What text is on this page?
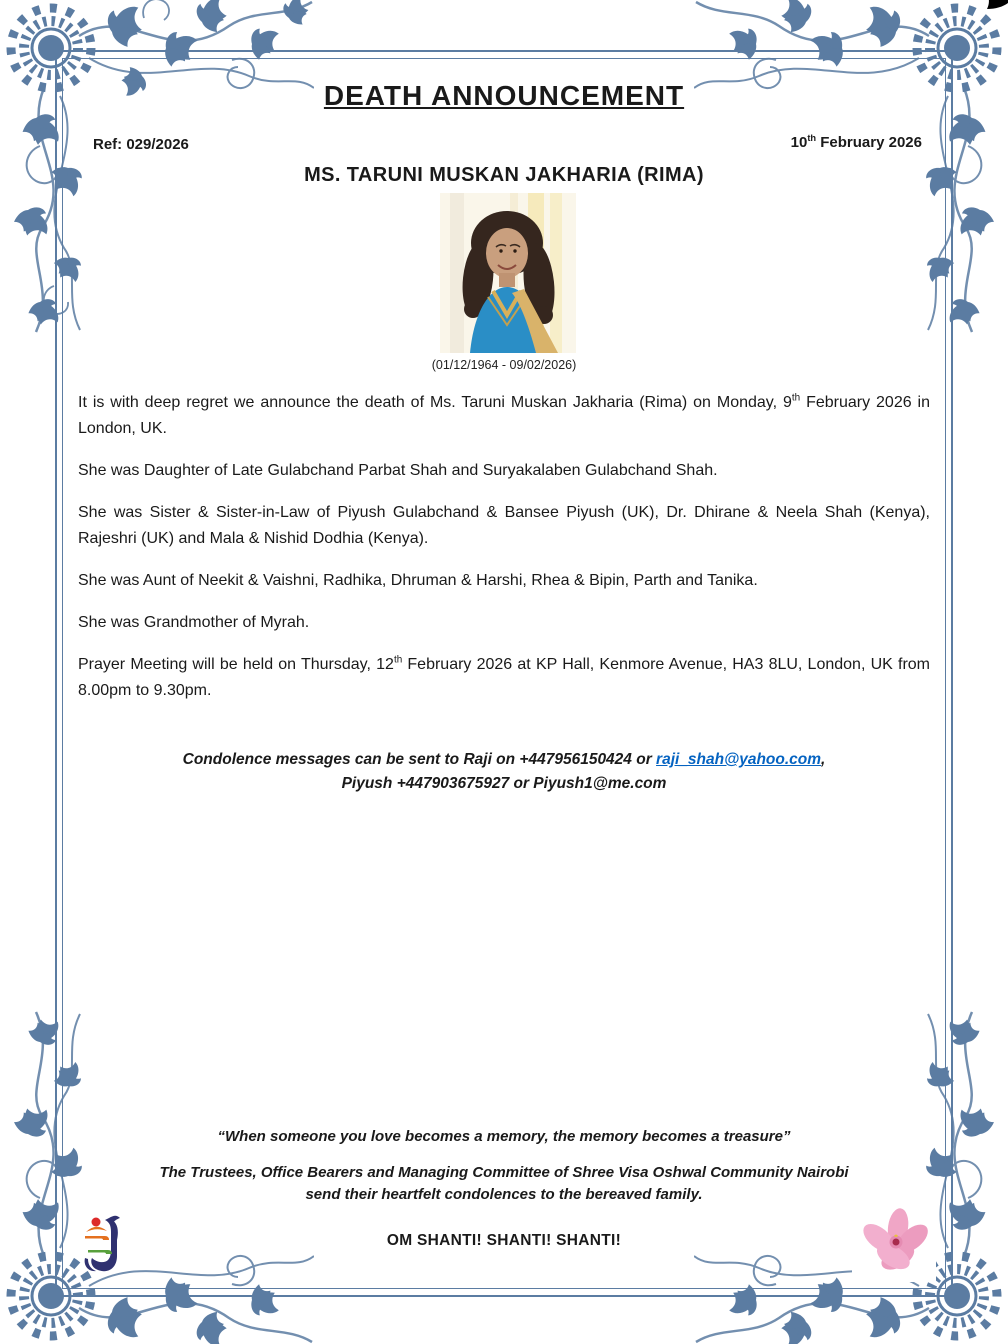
DEATH ANNOUNCEMENT
Ref: 029/2026	10th February 2026
MS. TARUNI MUSKAN JAKHARIA (RIMA)
(01/12/1964 - 09/02/2026)

It is with deep regret we announce the death of Ms. Taruni Muskan Jakharia (Rima) on Monday, 9th February 2026 in London, UK.

She was Daughter of Late Gulabchand Parbat Shah and Suryakalaben Gulabchand Shah.

She was Sister & Sister-in-Law of Piyush Gulabchand & Bansee Piyush (UK), Dr. Dhirane & Neela Shah (Kenya), Rajeshri (UK) and Mala & Nishid Dodhia (Kenya).

She was Aunt of Neekit & Vaishni, Radhika, Dhruman & Harshi, Rhea & Bipin, Parth and Tanika.

She was Grandmother of Myrah.

Prayer Meeting will be held on Thursday, 12th February 2026 at KP Hall, Kenmore Avenue, HA3 8LU, London, UK from 8.00pm to 9.30pm.

Condolence messages can be sent to Raji on +447956150424 or raji_shah@yahoo.com,
Piyush +447903675927 or Piyush1@me.com
“When someone you love becomes a memory, the memory becomes a treasure”
The Trustees, Office Bearers and Managing Committee of Shree Visa Oshwal Community Nairobi
send their heartfelt condolences to the bereaved family.
OM SHANTI! SHANTI! SHANTI!
